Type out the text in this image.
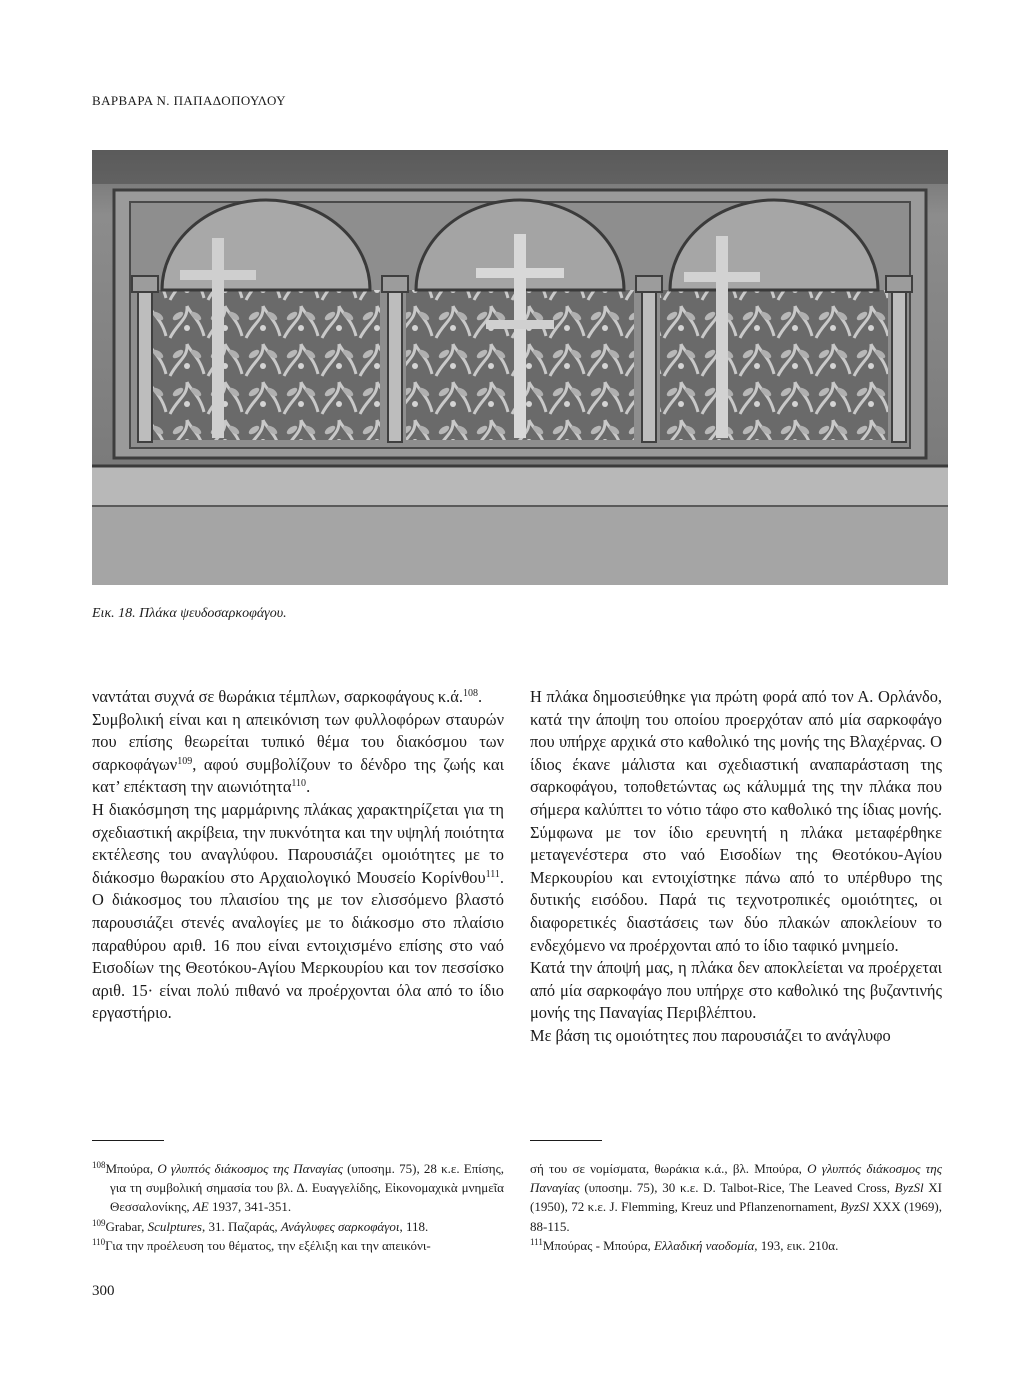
ΒΑΡΒΑΡΑ Ν. ΠΑΠΑΔΟΠΟΥΛΟΥ
Εικ. 18. Πλάκα ψευδοσαρκοφάγου.

ναντάται συχνά σε θωράκια τέμπλων, σαρκοφάγους κ.ά.$^{108}$.

Συμβολική είναι και η απεικόνιση των φυλλοφόρων σταυρών που επίσης θεωρείται τυπικό θέμα του διακόσμου των σαρκοφάγων$^{109}$, αφού συμβολίζουν το δένδρο της ζωής και κατ’ επέκταση την αιωνιότητα$^{110}$.

Η διακόσμηση της μαρμάρινης πλάκας χαρακτηρίζεται για τη σχεδιαστική ακρίβεια, την πυκνότητα και την υψηλή ποιότητα εκτέλεσης του αναγλύφου. Παρουσιάζει ομοιότητες με το διάκοσμο θωρακίου στο Αρχαιολογικό Μουσείο Κορίνθου$^{111}$. Ο διάκοσμος του πλαισίου της με τον ελισσόμενο βλαστό παρουσιάζει στενές αναλογίες με το διάκοσμο στο πλαίσιο παραθύρου αριθ. 16 που είναι εντοιχισμένο επίσης στο ναό Εισοδίων της Θεοτόκου-Αγίου Μερκουρίου και τον πεσσίσκο αριθ. 15· είναι πολύ πιθανό να προέρχονται όλα από το ίδιο εργαστήριο.

Η πλάκα δημοσιεύθηκε για πρώτη φορά από τον Α. Ορλάνδο, κατά την άποψη του οποίου προερχόταν από μία σαρκοφάγο που υπήρχε αρχικά στο καθολικό της μονής της Βλαχέρνας. Ο ίδιος έκανε μάλιστα και σχεδιαστική αναπαράσταση της σαρκοφάγου, τοποθετώντας ως κάλυμμά της την πλάκα που σήμερα καλύπτει το νότιο τάφο στο καθολικό της ίδιας μονής. Σύμφωνα με τον ίδιο ερευνητή η πλάκα μεταφέρθηκε μεταγενέστερα στο ναό Εισοδίων της Θεοτόκου-Αγίου Μερκουρίου και εντοιχίστηκε πάνω από το υπέρθυρο της δυτικής εισόδου. Παρά τις τεχνοτροπικές ομοιότητες, οι διαφορετικές διαστάσεις των δύο πλακών αποκλείουν το ενδεχόμενο να προέρχονται από το ίδιο ταφικό μνημείο.

Κατά την άποψή μας, η πλάκα δεν αποκλείεται να προέρχεται από μία σαρκοφάγο που υπήρχε στο καθολικό της βυζαντινής μονής της Παναγίας Περιβλέπτου.

Με βάση τις ομοιότητες που παρουσιάζει το ανάγλυφο

$^{108}$Μπούρα, Ο γλυπτός διάκοσμος της Παναγίας (υποσημ. 75), 28 κ.ε. Επίσης, για τη συμβολική σημασία του βλ. Δ. Ευαγγελίδης, Εἰκονομαχικὰ μνημεῖα Θεσσαλονίκης, ΑΕ 1937, 341-351.

$^{109}$Grabar, Sculptures, 31. Παζαράς, Ανάγλυφες σαρκοφάγοι, 118.

$^{110}$Για την προέλευση του θέματος, την εξέλιξη και την απεικόνι-

σή του σε νομίσματα, θωράκια κ.ά., βλ. Μπούρα, Ο γλυπτός διάκοσμος της Παναγίας (υποσημ. 75), 30 κ.ε. D. Talbot-Rice, The Leaved Cross, ByzSl XI (1950), 72 κ.ε. J. Flemming, Kreuz und Pflanzenornament, ByzSl XXX (1969), 88-115.

$^{111}$Μπούρας - Μπούρα, Ελλαδική ναοδομία, 193, εικ. 210α.

300
